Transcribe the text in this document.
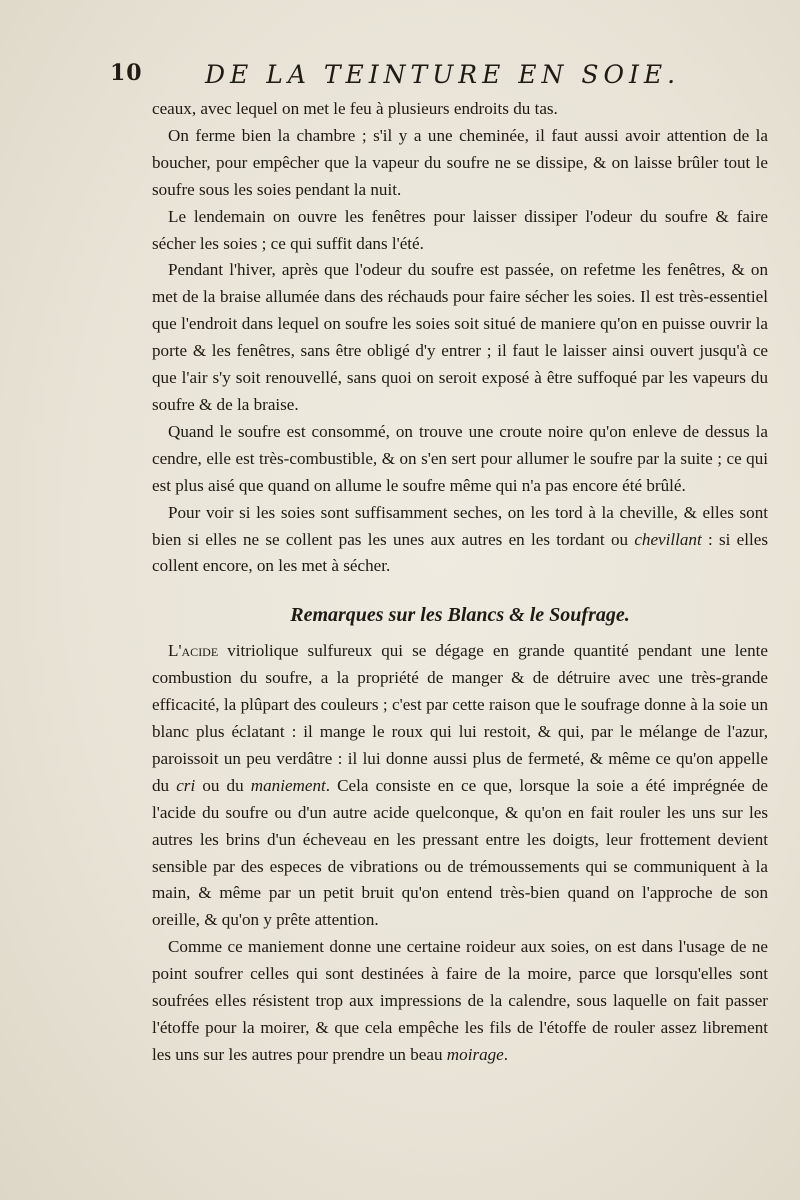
10 DE LA TEINTURE EN SOIE.

ceaux, avec lequel on met le feu à plusieurs endroits du tas.

On ferme bien la chambre ; s'il y a une cheminée, il faut aussi avoir attention de la boucher, pour empêcher que la vapeur du soufre ne se dissipe, & on laisse brûler tout le soufre sous les soies pendant la nuit.

Le lendemain on ouvre les fenêtres pour laisser dissiper l'odeur du soufre & faire sécher les soies ; ce qui suffit dans l'été.

Pendant l'hiver, après que l'odeur du soufre est passée, on refetme les fenêtres, & on met de la braise allumée dans des réchauds pour faire sécher les soies. Il est très-essentiel que l'endroit dans lequel on soufre les soies soit situé de maniere qu'on en puisse ouvrir la porte & les fenêtres, sans être obligé d'y entrer ; il faut le laisser ainsi ouvert jusqu'à ce que l'air s'y soit renouvellé, sans quoi on seroit exposé à être suffoqué par les vapeurs du soufre & de la braise.

Quand le soufre est consommé, on trouve une croute noire qu'on enleve de dessus la cendre, elle est très-combustible, & on s'en sert pour allumer le soufre par la suite ; ce qui est plus aisé que quand on allume le soufre même qui n'a pas encore été brûlé.

Pour voir si les soies sont suffisamment seches, on les tord à la cheville, & elles sont bien si elles ne se collent pas les unes aux autres en les tordant ou chevillant : si elles collent encore, on les met à sécher.

Remarques sur les Blancs & le Soufrage.

L'acide vitriolique sulfureux qui se dégage en grande quantité pendant une lente combustion du soufre, a la propriété de manger & de détruire avec une très-grande efficacité, la plûpart des couleurs ; c'est par cette raison que le soufrage donne à la soie un blanc plus éclatant : il mange le roux qui lui restoit, & qui, par le mélange de l'azur, paroissoit un peu verdâtre : il lui donne aussi plus de fermeté, & même ce qu'on appelle du cri ou du maniement. Cela consiste en ce que, lorsque la soie a été imprégnée de l'acide du soufre ou d'un autre acide quelconque, & qu'on en fait rouler les uns sur les autres les brins d'un écheveau en les pressant entre les doigts, leur frottement devient sensible par des especes de vibrations ou de trémoussements qui se communiquent à la main, & même par un petit bruit qu'on entend très-bien quand on l'approche de son oreille, & qu'on y prête attention.

Comme ce maniement donne une certaine roideur aux soies, on est dans l'usage de ne point soufrer celles qui sont destinées à faire de la moire, parce que lorsqu'elles sont soufrées elles résistent trop aux impressions de la calendre, sous laquelle on fait passer l'étoffe pour la moirer, & que cela empêche les fils de l'étoffe de rouler assez librement les uns sur les autres pour prendre un beau moirage.
